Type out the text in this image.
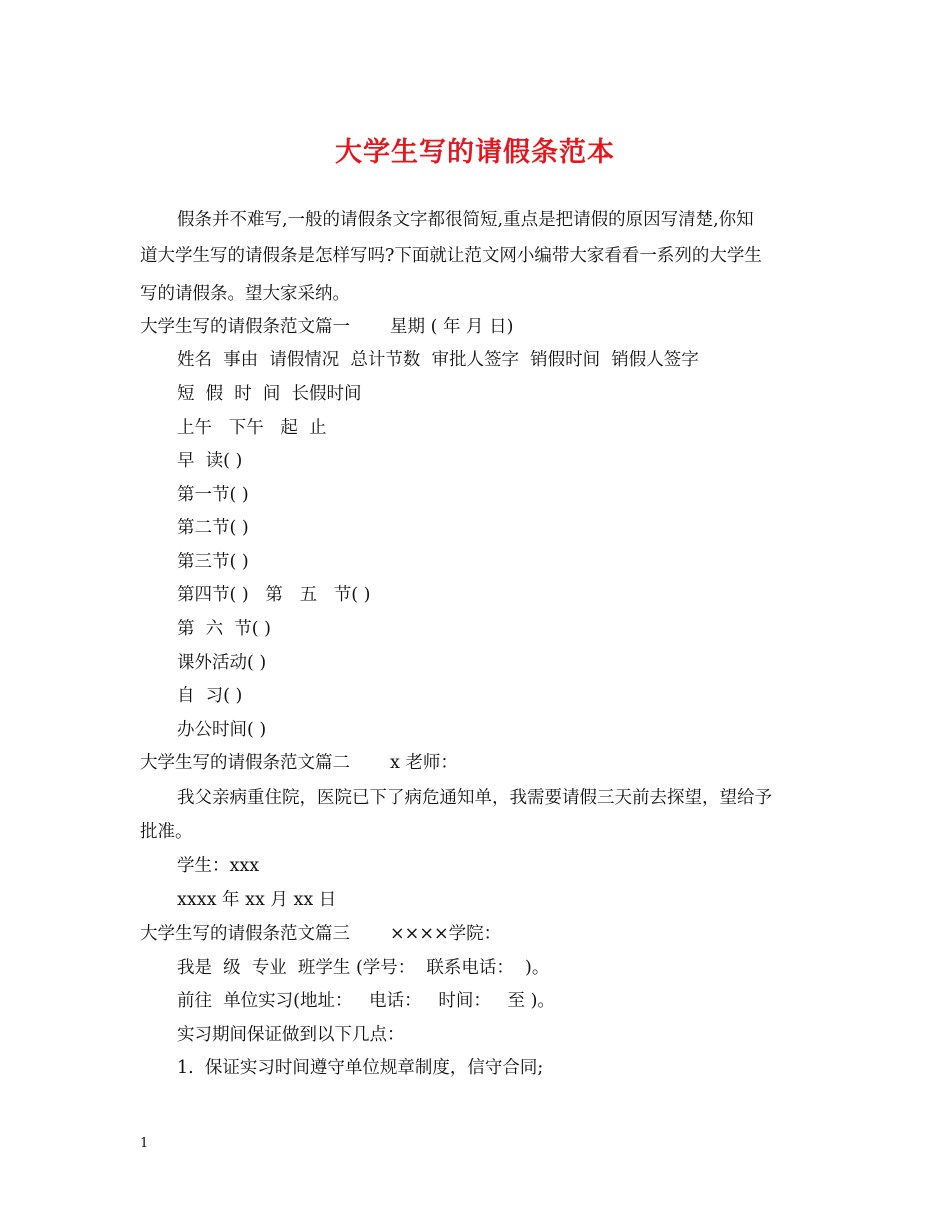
大学生写的请假条范本
假条并不难写,一般的请假条文字都很简短,重点是把请假的原因写清楚,你知
道大学生写的请假条是怎样写吗?下面就让范文网小编带大家看看一系列的大学生
写的请假条。望大家采纳。
大学生写的请假条范文篇一 星期 ( 年 月 日)
姓名  事由  请假情况  总计节数  审批人签字  销假时间  销假人签字
短  假  时  间  长假时间
上午   下午   起  止
早  读( )
第一节( )
第二节( )
第三节( )
第四节( )   第   五   节( )
第  六  节( )
课外活动( )
自  习( )
办公时间( )
大学生写的请假条范文篇二 x 老师：
我父亲病重住院，医院已下了病危通知单，我需要请假三天前去探望，望给予
批准。
学生：xxx
xxxx 年 xx 月 xx 日
大学生写的请假条范文篇三 ××××学院：
我是  级  专业  班学生 (学号：  联系电话：  )。
前往  单位实习(地址：   电话：   时间：   至 )。
实习期间保证做到以下几点：
1.  保证实习时间遵守单位规章制度，信守合同;
1
